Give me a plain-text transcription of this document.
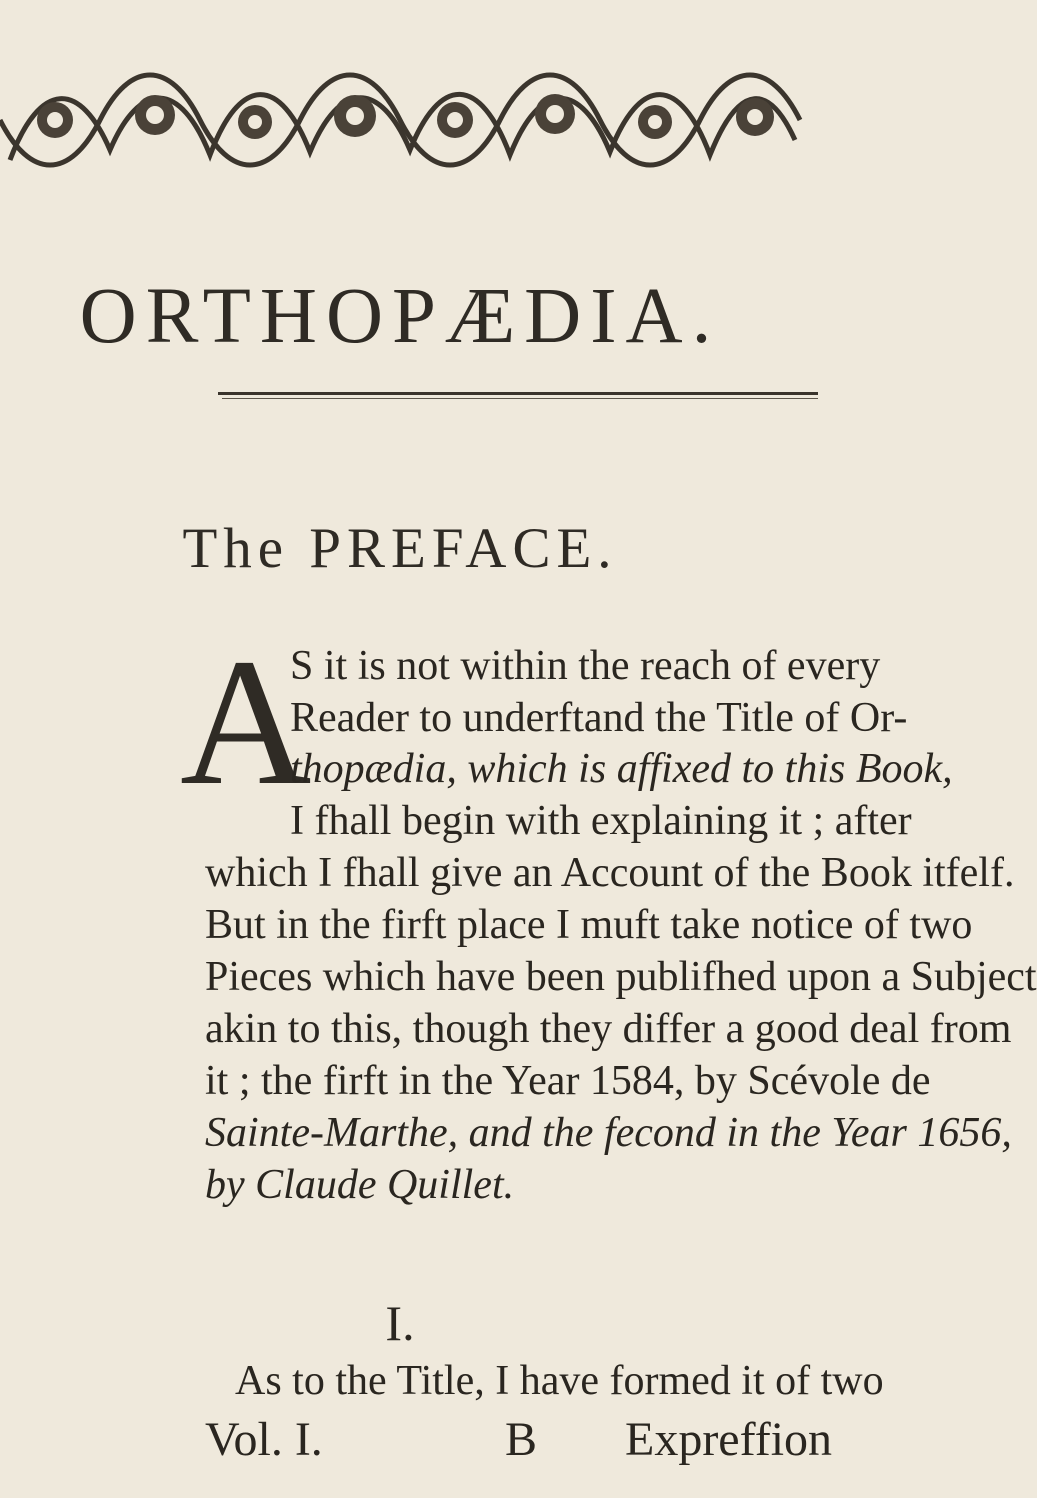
ORTHOPÆDIA.
The PREFACE.
A
S it is not within the reach of every
Reader to underftand the Title of Or-
thopædia, which is affixed to this Book,
I fhall begin with explaining it ; after
which I fhall give an Account of the Book itfelf.
But in the firft place I muft take notice of two
Pieces which have been publifhed upon a Subject
akin to this, though they differ a good deal from
it ; the firft in the Year 1584, by Scévole de
Sainte-Marthe, and the fecond in the Year 1656,
by Claude Quillet.
I.
As to the Title, I have formed it of two
Vol. I.	B Expreffion
